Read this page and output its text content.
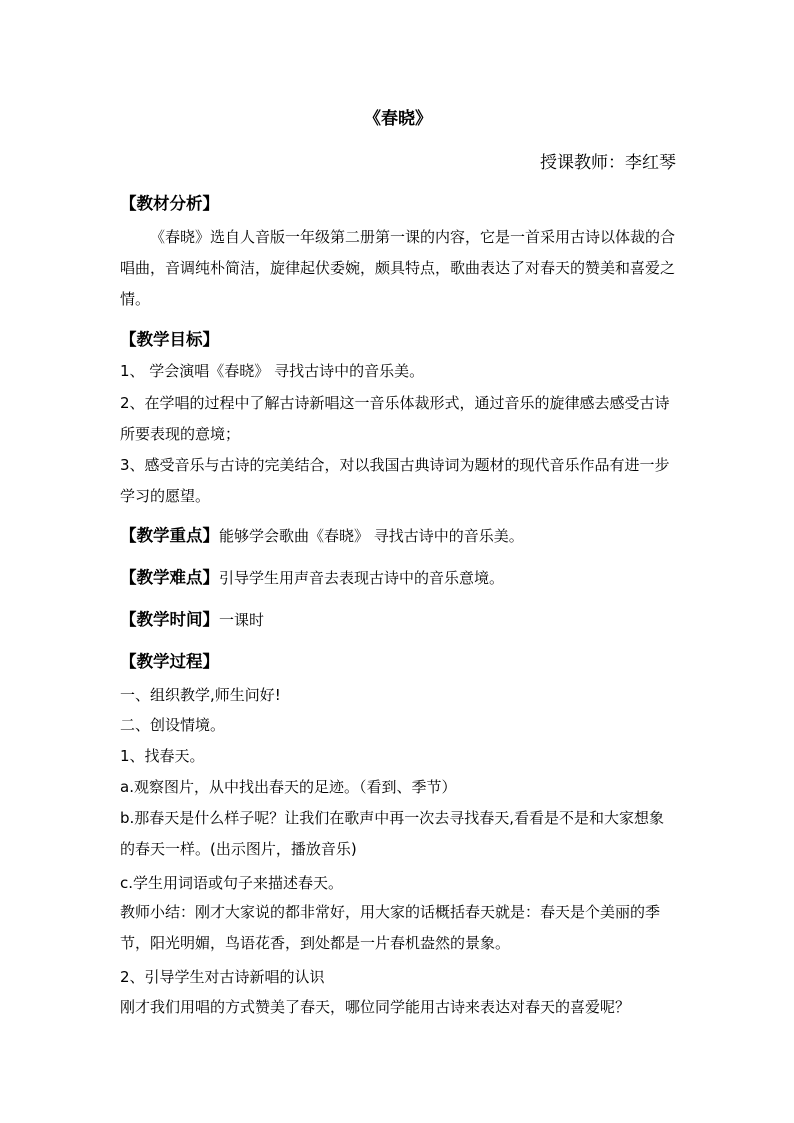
《春晓》
授课教师：李红琴
【教材分析】
《春晓》选自人音版一年级第二册第一课的内容，它是一首采用古诗以体裁的合唱曲，音调纯朴简洁，旋律起伏委婉，颇具特点，歌曲表达了对春天的赞美和喜爱之情。
【教学目标】
1、 学会演唱《春晓》 寻找古诗中的音乐美。
2、在学唱的过程中了解古诗新唱这一音乐体裁形式，通过音乐的旋律感去感受古诗所要表现的意境；
3、感受音乐与古诗的完美结合，对以我国古典诗词为题材的现代音乐作品有进一步学习的愿望。
【教学重点】能够学会歌曲《春晓》 寻找古诗中的音乐美。
【教学难点】引导学生用声音去表现古诗中的音乐意境。
【教学时间】一课时
【教学过程】
一、组织教学,师生问好!
二、创设情境。
1、找春天。
a.观察图片，从中找出春天的足迹。（看到、季节）
b.那春天是什么样子呢？让我们在歌声中再一次去寻找春天,看看是不是和大家想象的春天一样。(出示图片，播放音乐)
c.学生用词语或句子来描述春天。
教师小结：刚才大家说的都非常好，用大家的话概括春天就是：春天是个美丽的季节，阳光明媚，鸟语花香，到处都是一片春机盎然的景象。
2、引导学生对古诗新唱的认识
刚才我们用唱的方式赞美了春天，哪位同学能用古诗来表达对春天的喜爱呢？
